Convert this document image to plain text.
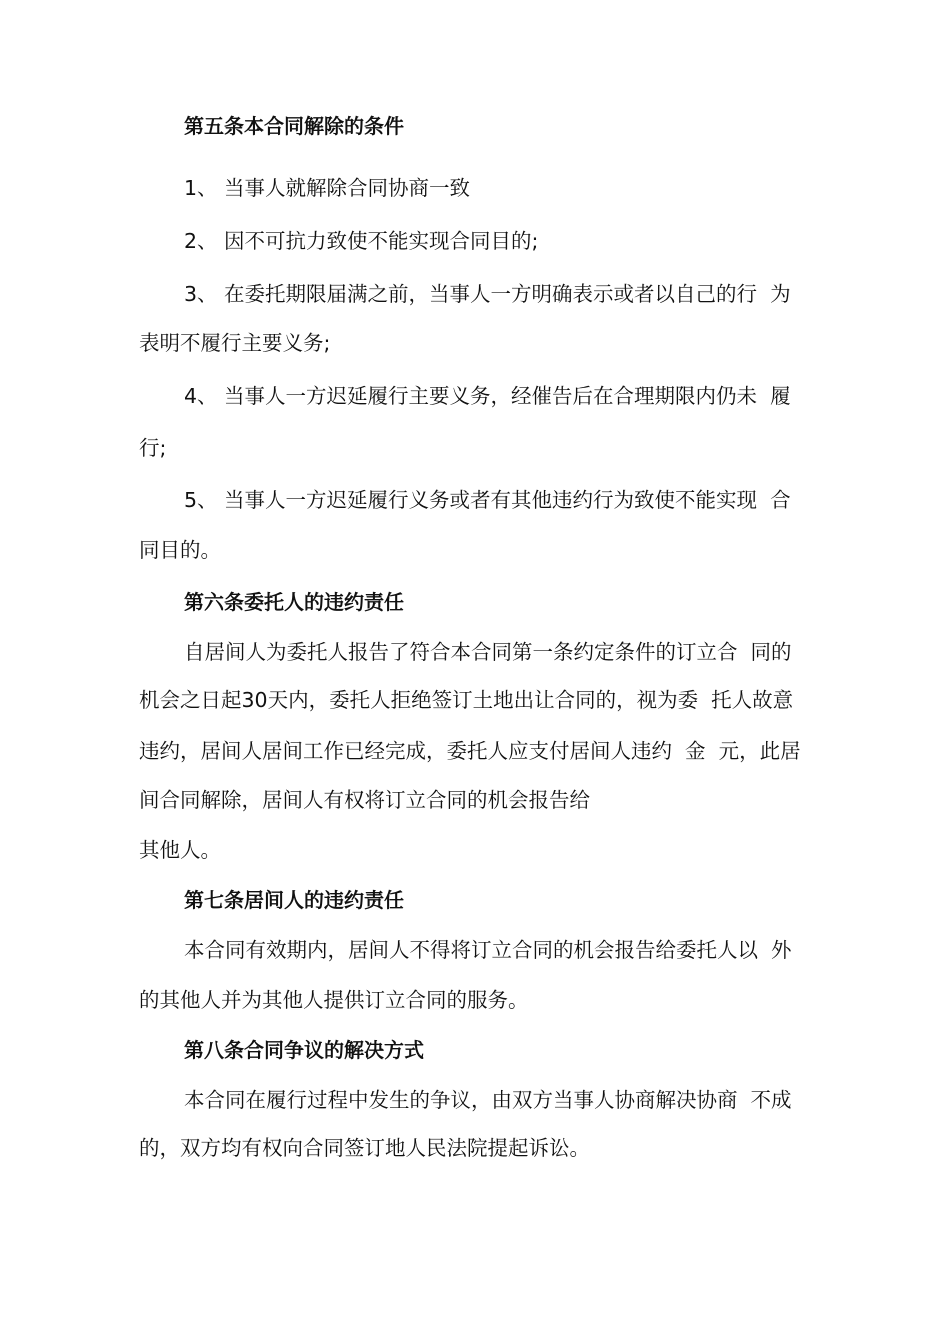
第五条本合同解除的条件

1、 当事人就解除合同协商一致

2、 因不可抗力致使不能实现合同目的;

3、 在委托期限届满之前，当事人一方明确表示或者以自己的行  为

表明不履行主要义务;

4、 当事人一方迟延履行主要义务，经催告后在合理期限内仍未  履

行;

5、 当事人一方迟延履行义务或者有其他违约行为致使不能实现  合

同目的。

第六条委托人的违约责任

自居间人为委托人报告了符合本合同第一条约定条件的订立合  同的

机会之日起30天内，委托人拒绝签订土地出让合同的，视为委  托人故意

违约，居间人居间工作已经完成，委托人应支付居间人违约  金  元，此居

间合同解除，居间人有权将订立合同的机会报告给

其他人。

第七条居间人的违约责任

本合同有效期内，居间人不得将订立合同的机会报告给委托人以  外

的其他人并为其他人提供订立合同的服务。

第八条合同争议的解决方式

本合同在履行过程中发生的争议，由双方当事人协商解决协商  不成

的，双方均有权向合同签订地人民法院提起诉讼。
